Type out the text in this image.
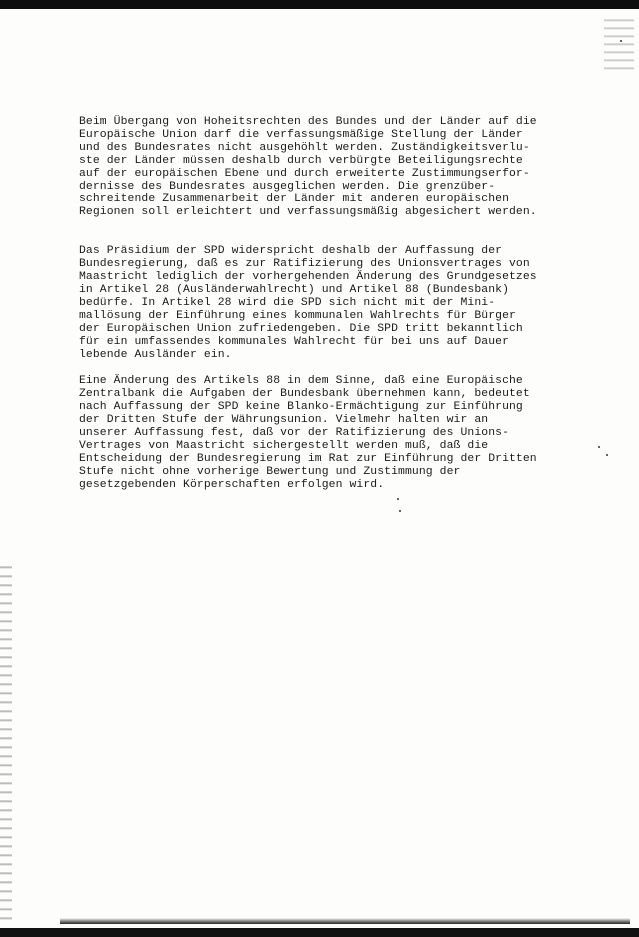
Beim Übergang von Hoheitsrechten des Bundes und der Länder auf die
Europäische Union darf die verfassungsmäßige Stellung der Länder
und des Bundesrates nicht ausgehöhlt werden. Zuständigkeitsverlu-
ste der Länder müssen deshalb durch verbürgte Beteiligungsrechte
auf der europäischen Ebene und durch erweiterte Zustimmungserfor-
dernisse des Bundesrates ausgeglichen werden. Die grenzüber-
schreitende Zusammenarbeit der Länder mit anderen europäischen
Regionen soll erleichtert und verfassungsmäßig abgesichert werden.

Das Präsidium der SPD widerspricht deshalb der Auffassung der
Bundesregierung, daß es zur Ratifizierung des Unionsvertrages von
Maastricht lediglich der vorhergehenden Änderung des Grundgesetzes
in Artikel 28 (Ausländerwahlrecht) und Artikel 88 (Bundesbank)
bedürfe. In Artikel 28 wird die SPD sich nicht mit der Mini-
mallösung der Einführung eines kommunalen Wahlrechts für Bürger
der Europäischen Union zufriedengeben. Die SPD tritt bekanntlich
für ein umfassendes kommunales Wahlrecht für bei uns auf Dauer
lebende Ausländer ein.

Eine Änderung des Artikels 88 in dem Sinne, daß eine Europäische
Zentralbank die Aufgaben der Bundesbank übernehmen kann, bedeutet
nach Auffassung der SPD keine Blanko-Ermächtigung zur Einführung
der Dritten Stufe der Währungsunion. Vielmehr halten wir an
unserer Auffassung fest, daß vor der Ratifizierung des Unions-
Vertrages von Maastricht sichergestellt werden muß, daß die
Entscheidung der Bundesregierung im Rat zur Einführung der Dritten
Stufe nicht ohne vorherige Bewertung und Zustimmung der
gesetzgebenden Körperschaften erfolgen wird.
